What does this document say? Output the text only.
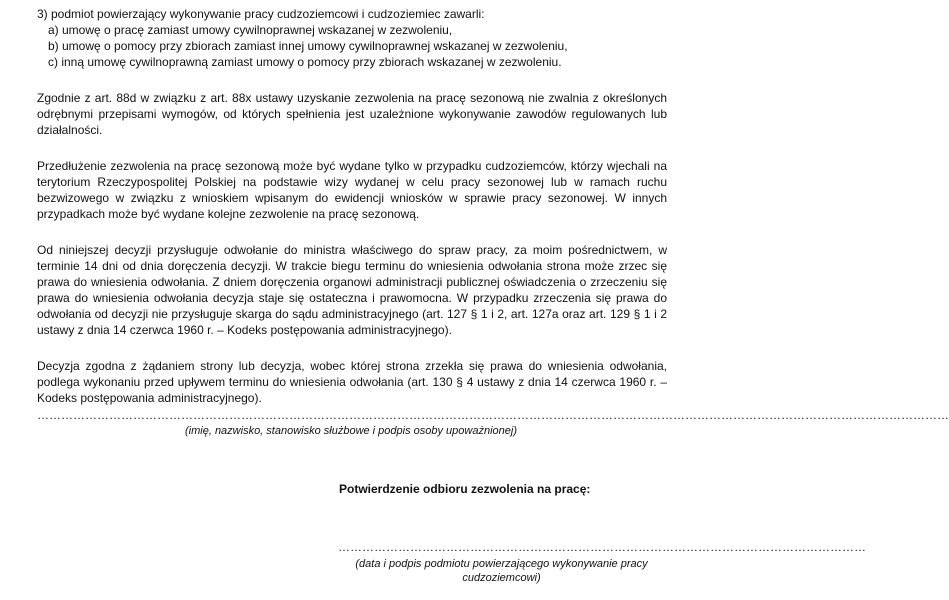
3) podmiot powierzający wykonywanie pracy cudzoziemcowi i cudzoziemiec zawarli:
a) umowę o pracę zamiast umowy cywilnoprawnej wskazanej w zezwoleniu,
b) umowę o pomocy przy zbiorach zamiast innej umowy cywilnoprawnej wskazanej w zezwoleniu,
c) inną umowę cywilnoprawną zamiast umowy o pomocy przy zbiorach wskazanej w zezwoleniu.
Zgodnie z art. 88d w związku z art. 88x ustawy uzyskanie zezwolenia na pracę sezonową nie zwalnia z określonych odrębnymi przepisami wymogów, od których spełnienia jest uzależnione wykonywanie zawodów regulowanych lub działalności.
Przedłużenie zezwolenia na pracę sezonową może być wydane tylko w przypadku cudzoziemców, którzy wjechali na terytorium Rzeczypospolitej Polskiej na podstawie wizy wydanej w celu pracy sezonowej lub w ramach ruchu bezwizowego w związku z wnioskiem wpisanym do ewidencji wniosków w sprawie pracy sezonowej. W innych przypadkach może być wydane kolejne zezwolenie na pracę sezonową.
Od niniejszej decyzji przysługuje odwołanie do ministra właściwego do spraw pracy, za moim pośrednictwem, w terminie 14 dni od dnia doręczenia decyzji. W trakcie biegu terminu do wniesienia odwołania strona może zrzec się prawa do wniesienia odwołania. Z dniem doręczenia organowi administracji publicznej oświadczenia o zrzeczeniu się prawa do wniesienia odwołania decyzja staje się ostateczna i prawomocna. W przypadku zrzeczenia się prawa do odwołania od decyzji nie przysługuje skarga do sądu administracyjnego (art. 127 § 1 i 2, art. 127a oraz art. 129 § 1 i 2 ustawy z dnia 14 czerwca 1960 r. – Kodeks postępowania administracyjnego).
Decyzja zgodna z żądaniem strony lub decyzja, wobec której strona zrzekła się prawa do wniesienia odwołania, podlega wykonaniu przed upływem terminu do wniesienia odwołania (art. 130 § 4 ustawy z dnia 14 czerwca 1960 r. – Kodeks postępowania administracyjnego).
…………………………………………………………………………………………………………………………………………………………………………………………………………
(imię, nazwisko, stanowisko służbowe i podpis osoby upoważnionej)
Potwierdzenie odbioru zezwolenia na pracę:
……………………………………………………………………………………………………………………
(data i podpis podmiotu powierzającego wykonywanie pracy
cudzoziemcowi)
